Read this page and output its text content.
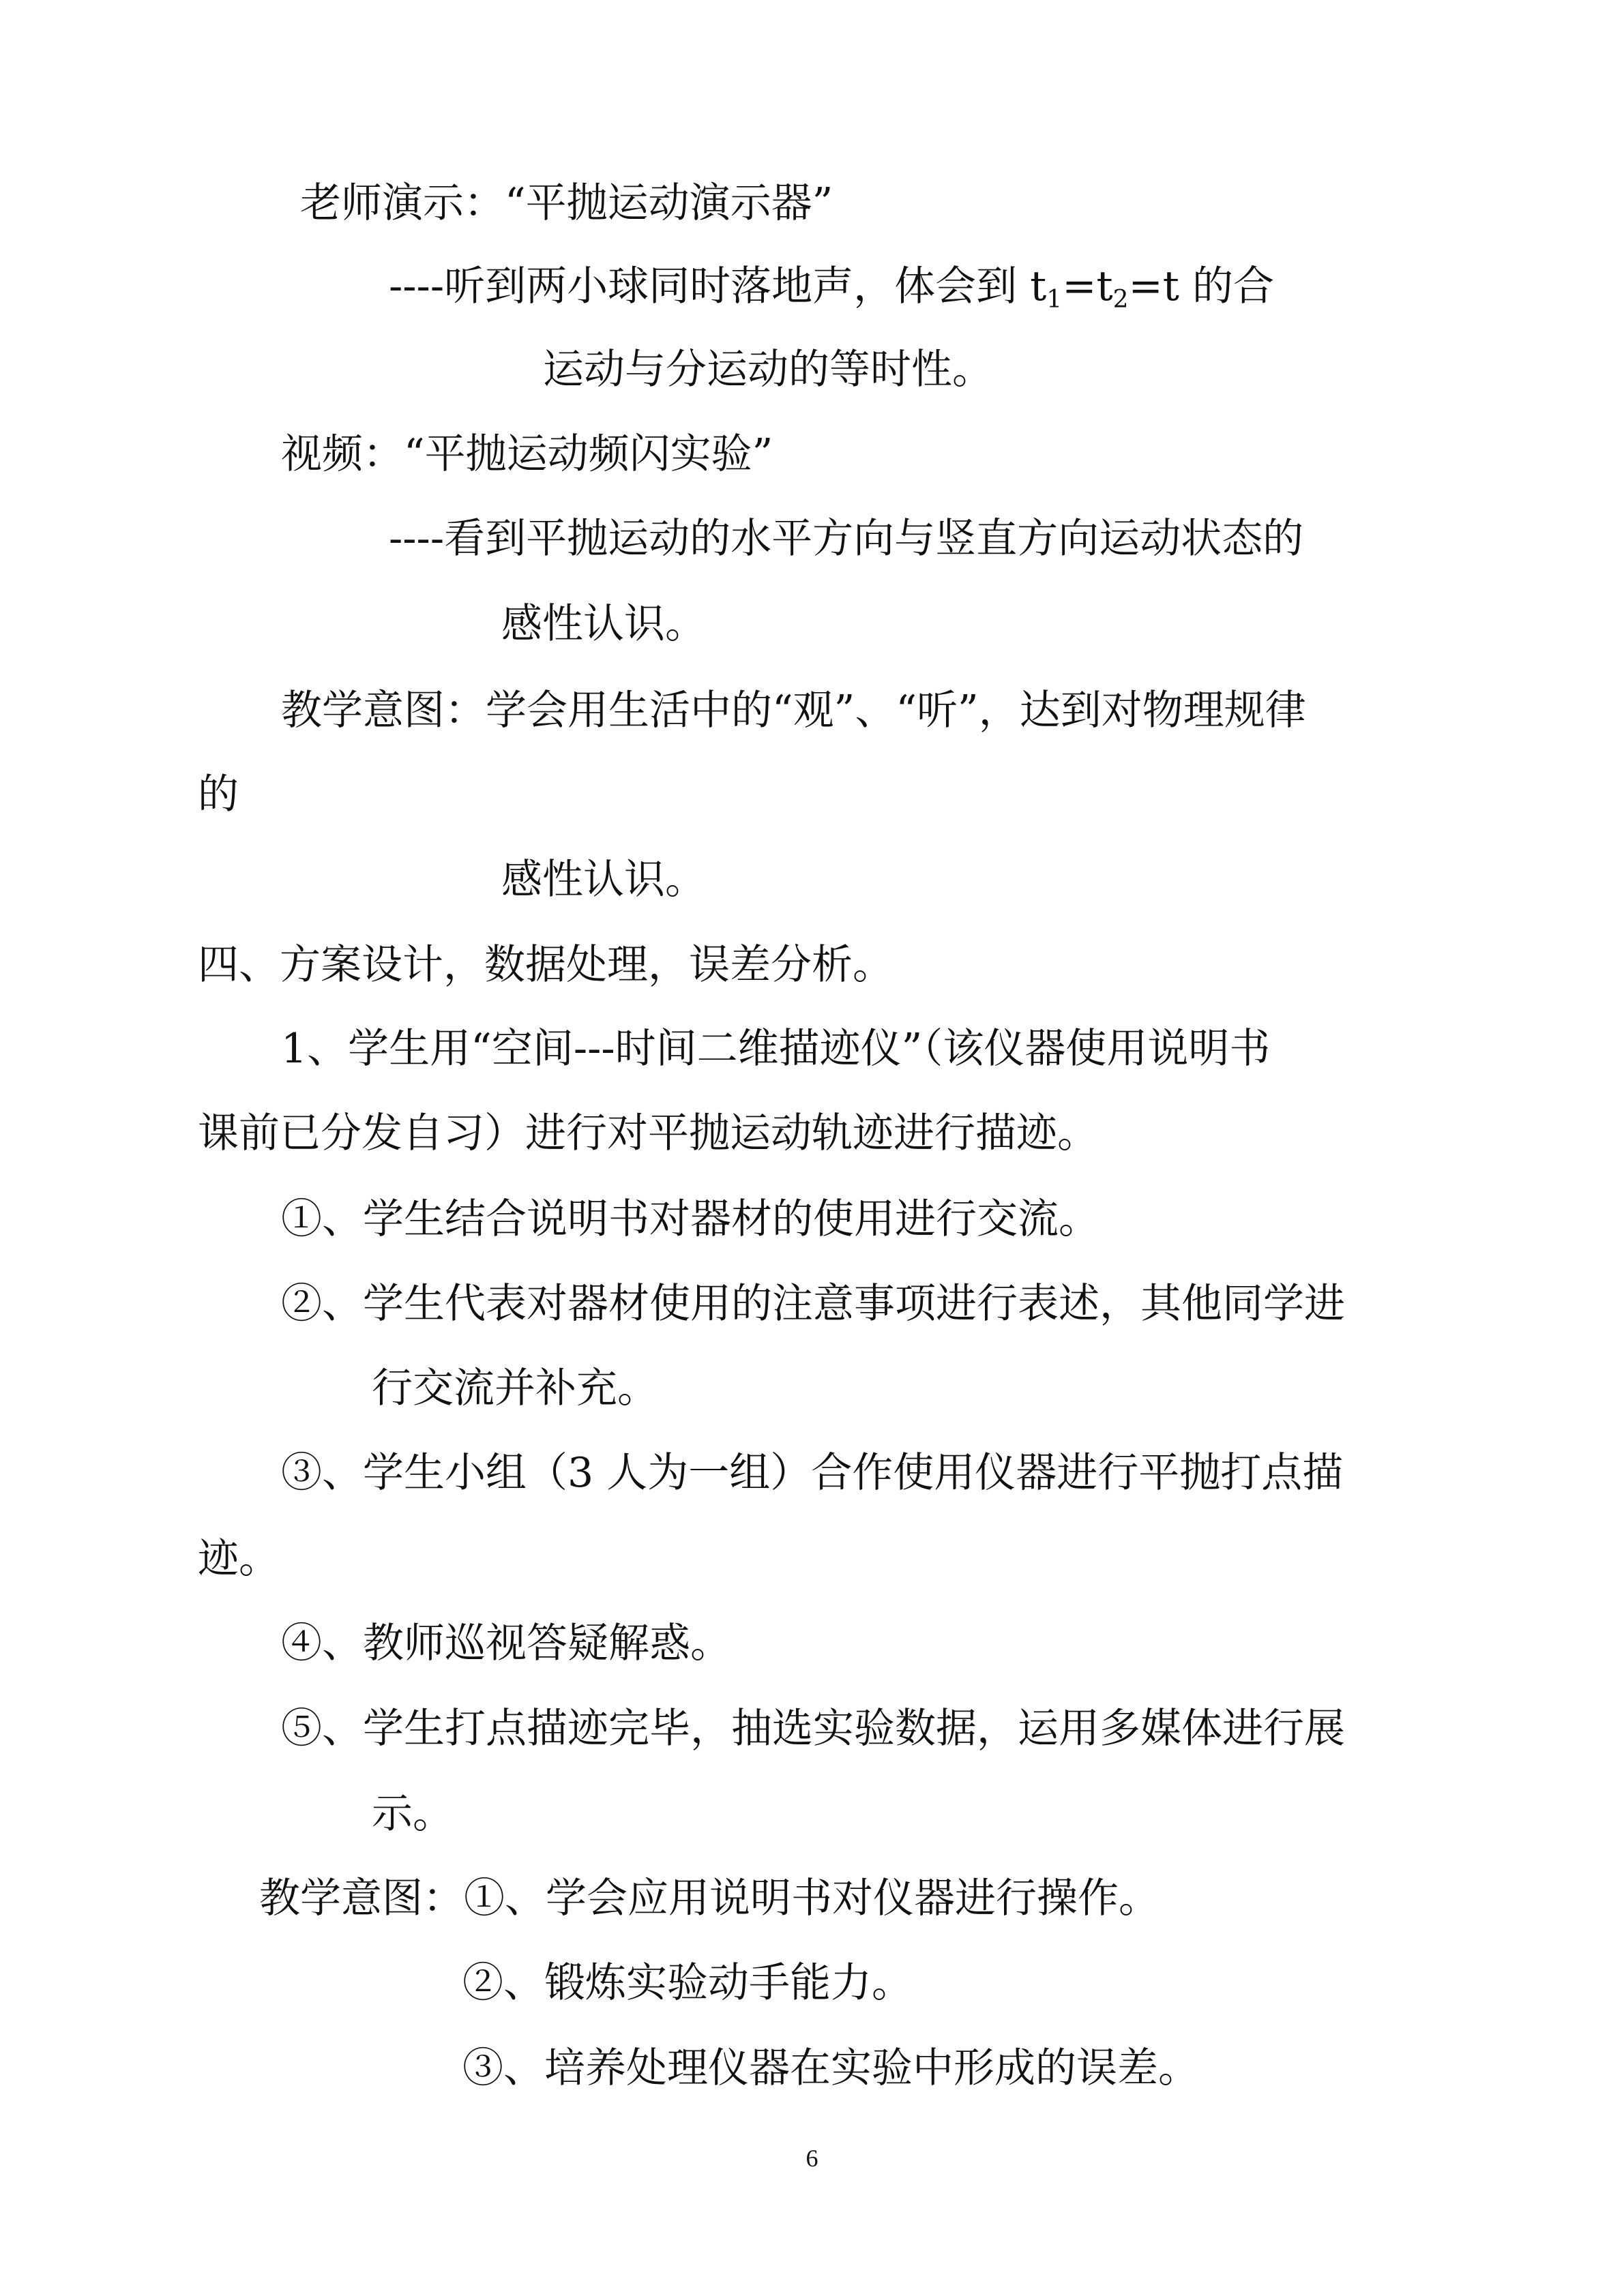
老师演示：“平抛运动演示器”
----听到两小球同时落地声，体会到 $t_1=t_2=t$ 的合
运动与分运动的等时性。
视频：“平抛运动频闪实验”
----看到平抛运动的水平方向与竖直方向运动状态的
感性认识。
教学意图：学会用生活中的“观”、“听”，达到对物理规律
的
感性认识。
四、方案设计，数据处理，误差分析。
1、学生用“空间---时间二维描迹仪”（该仪器使用说明书
课前已分发自习）进行对平抛运动轨迹进行描迹。
①、学生结合说明书对器材的使用进行交流。
②、学生代表对器材使用的注意事项进行表述，其他同学进
行交流并补充。
③、学生小组（3 人为一组）合作使用仪器进行平抛打点描
迹。
④、教师巡视答疑解惑。
⑤、学生打点描迹完毕，抽选实验数据，运用多媒体进行展
示。
教学意图：①、学会应用说明书对仪器进行操作。
②、锻炼实验动手能力。
③、培养处理仪器在实验中形成的误差。
6
